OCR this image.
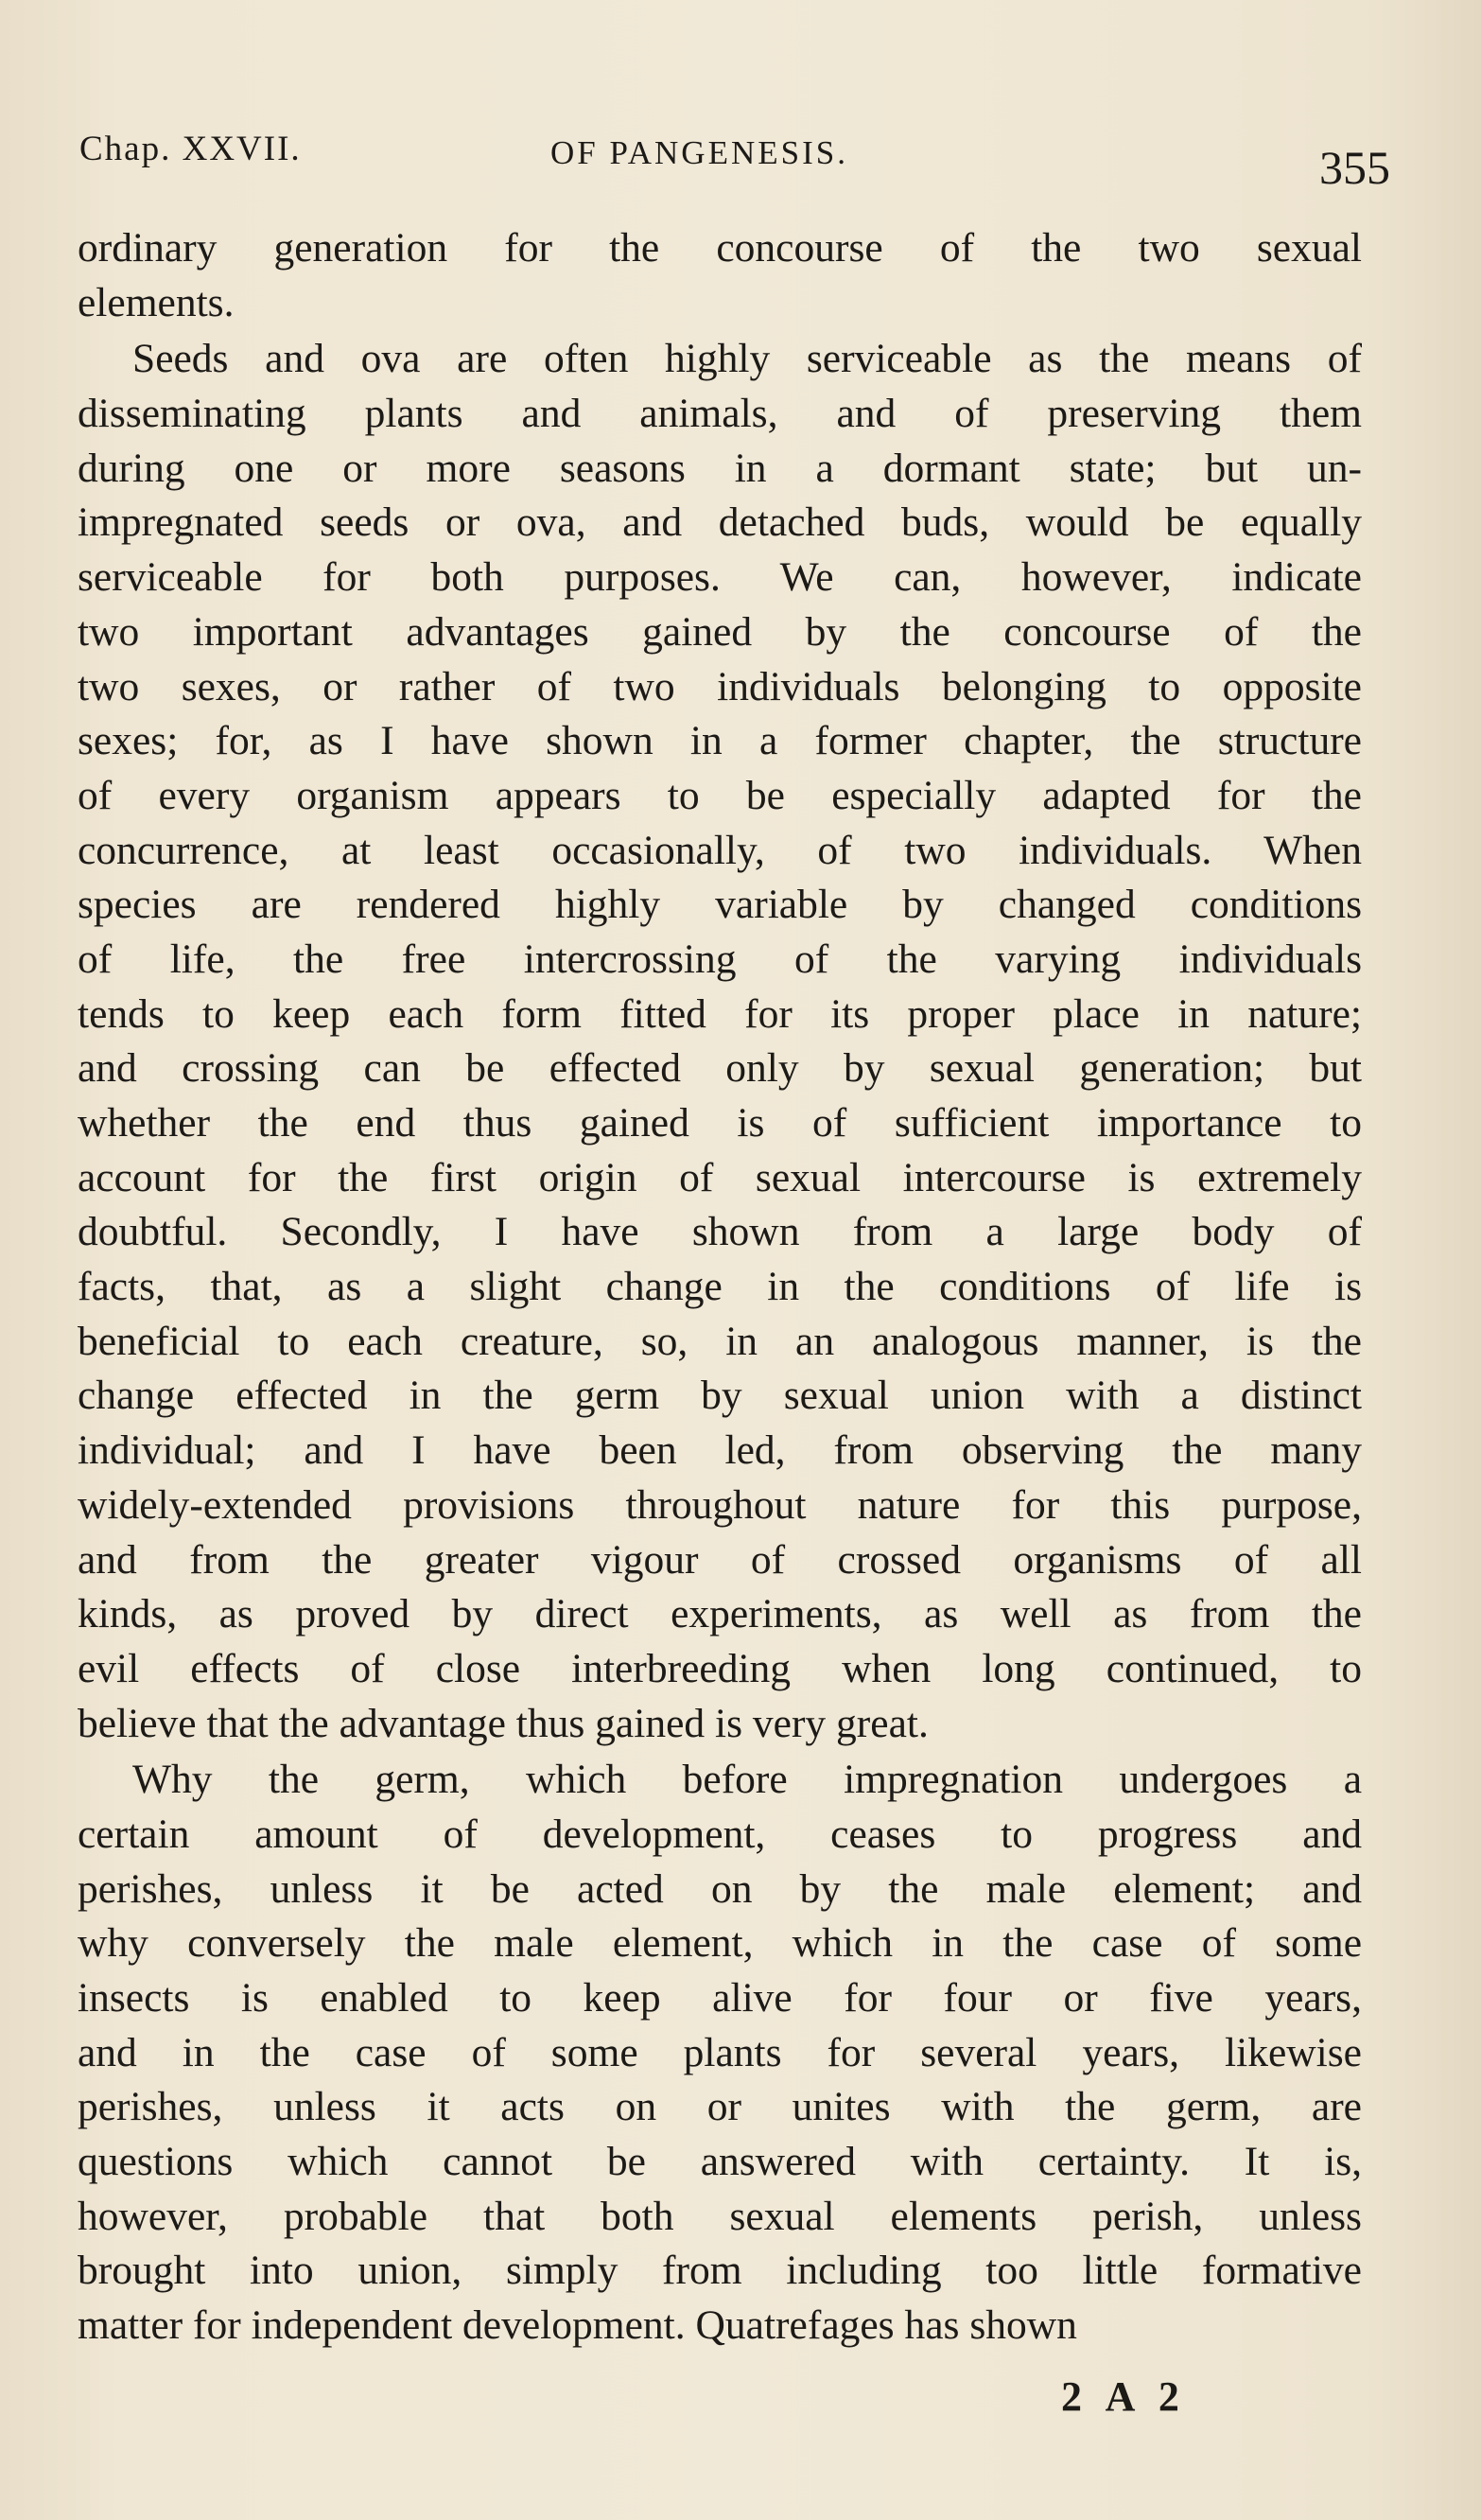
Chap. XXVII.	OF PANGENESIS.	355
ordinary generation for the concourse of the two sexual
elements.
Seeds and ova are often highly serviceable as the means of
disseminating plants and animals, and of preserving them
during one or more seasons in a dormant state; but un-
impregnated seeds or ova, and detached buds, would be equally
serviceable for both purposes. We can, however, indicate
two important advantages gained by the concourse of the
two sexes, or rather of two individuals belonging to opposite
sexes; for, as I have shown in a former chapter, the structure
of every organism appears to be especially adapted for the
concurrence, at least occasionally, of two individuals. When
species are rendered highly variable by changed conditions
of life, the free intercrossing of the varying individuals
tends to keep each form fitted for its proper place in nature;
and crossing can be effected only by sexual generation; but
whether the end thus gained is of sufficient importance to
account for the first origin of sexual intercourse is extremely
doubtful. Secondly, I have shown from a large body of
facts, that, as a slight change in the conditions of life is
beneficial to each creature, so, in an analogous manner, is the
change effected in the germ by sexual union with a distinct
individual; and I have been led, from observing the many
widely-extended provisions throughout nature for this purpose,
and from the greater vigour of crossed organisms of all
kinds, as proved by direct experiments, as well as from the
evil effects of close interbreeding when long continued, to
believe that the advantage thus gained is very great.
Why the germ, which before impregnation undergoes a
certain amount of development, ceases to progress and
perishes, unless it be acted on by the male element; and
why conversely the male element, which in the case of some
insects is enabled to keep alive for four or five years,
and in the case of some plants for several years, likewise
perishes, unless it acts on or unites with the germ, are
questions which cannot be answered with certainty. It is,
however, probable that both sexual elements perish, unless
brought into union, simply from including too little formative
matter for independent development. Quatrefages has shown
2 A 2
